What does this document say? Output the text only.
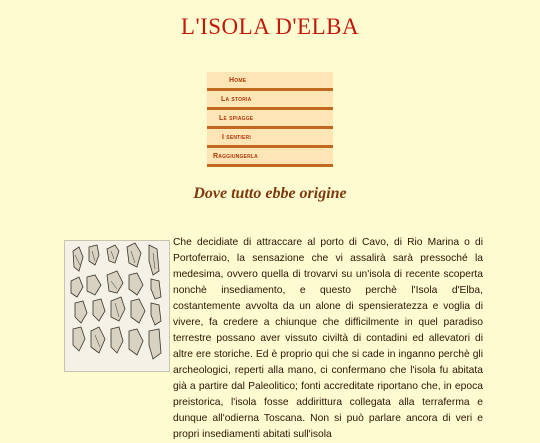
L'ISOLA D'ELBA
Home
La storia
Le spiagge
I sentieri
Raggiungerla
Dove tutto ebbe origine

Che decidiate di attraccare al porto di Cavo, di Rio Marina o di Portoferraio, la sensazione che vi assalirà sarà pressoché la medesima, ovvero quella di trovarvi su un'isola di recente scoperta nonchè insediamento, e questo perchè l'Isola d'Elba, costantemente avvolta da un alone di spensieratezza e voglia di vivere, fa credere a chiunque che difficilmente in quel paradiso terrestre possano aver vissuto civiltà di contadini ed allevatori di altre ere storiche. Ed è proprio qui che si cade in inganno perchè gli archeologici, reperti alla mano, ci confermano che l'isola fu abitata già a partire dal Paleolitico; fonti accreditate riportano che, in epoca preistorica, l'isola fosse addirittura collegata alla terraferma e dunque all'odierna Toscana. Non si può parlare ancora di veri e propri insediamenti abitati sull'isola
